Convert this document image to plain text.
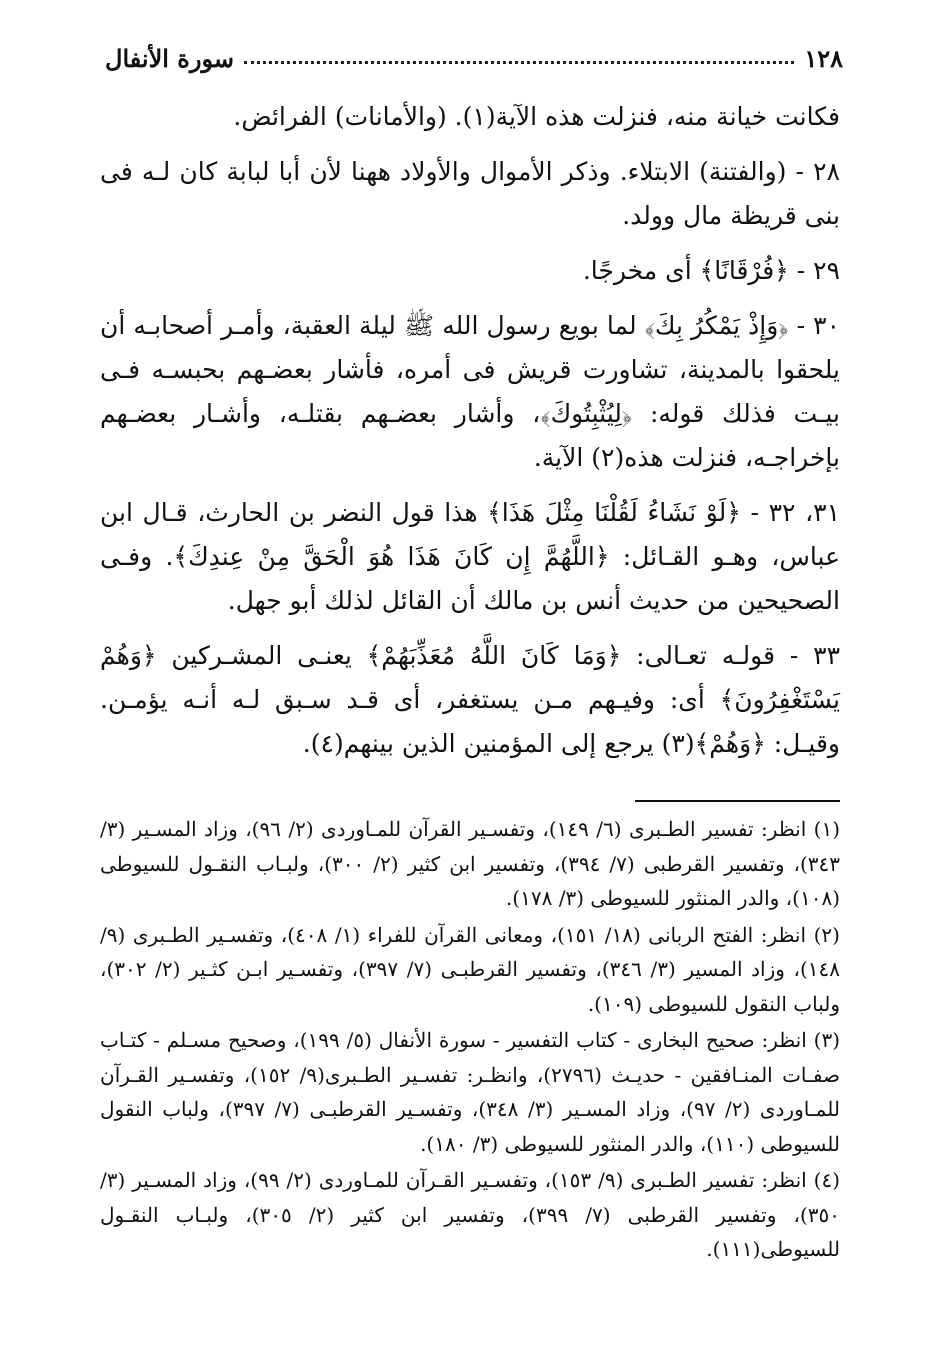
١٢٨
سورة الأنفال

فكانت خيانة منه، فنزلت هذه الآية(١). (والأمانات) الفرائض.

٢٨ - (والفتنة) الابتلاء. وذكر الأموال والأولاد ههنا لأن أبا لبابة كان لـه فى بنى قريظة مال وولد.

٢٩ - ﴿فُرْقَانًا﴾ أى مخرجًا.

٣٠ - ﴿وَإِذْ يَمْكُرُ بِكَ﴾ لما بويع رسول الله ﷺ ليلة العقبة، وأمـر أصحابـه أن يلحقوا بالمدينة، تشاورت قريش فى أمره، فأشار بعضـهم بحبسـه فـى بيـت فذلك قوله: ﴿لِيُثْبِتُوكَ﴾، وأشار بعضـهم بقتلـه، وأشـار بعضـهم بإخراجـه، فنزلت هذه(٢) الآية.

٣١، ٣٢ - ﴿لَوْ نَشَاءُ لَقُلْنَا مِثْلَ هَذَا﴾ هذا قول النضر بن الحارث، قـال ابن عباس، وهـو القـائل: ﴿اللَّهُمَّ إِن كَانَ هَذَا هُوَ الْحَقَّ مِنْ عِندِكَ﴾. وفـى الصحيحين من حديث أنس بن مالك أن القائل لذلك أبو جهل.

٣٣ - قولـه تعـالى: ﴿وَمَا كَانَ اللَّهُ مُعَذِّبَهُمْ﴾ يعنـى المشـركين ﴿وَهُمْ يَسْتَغْفِرُونَ﴾ أى: وفيـهم مـن يستغفر، أى قـد سـبق لـه أنـه يؤمـن. وقيـل: ﴿وَهُمْ﴾(٣) يرجع إلى المؤمنين الذين بينهم(٤).

(١) انظر: تفسير الطـبرى (٦/ ١٤٩)، وتفسـير القرآن للمـاوردى (٢/ ٩٦)، وزاد المسـير (٣/ ٣٤٣)، وتفسير القرطبى (٧/ ٣٩٤)، وتفسير ابن كثير (٢/ ٣٠٠)، ولبـاب النقـول للسيوطى (١٠٨)، والدر المنثور للسيوطى (٣/ ١٧٨).

(٢) انظر: الفتح الربانى (١٨/ ١٥١)، ومعانى القرآن للفراء (١/ ٤٠٨)، وتفسـير الطـبرى (٩/ ١٤٨)، وزاد المسير (٣/ ٣٤٦)، وتفسير القرطبـى (٧/ ٣٩٧)، وتفسـير ابـن كثـير (٢/ ٣٠٢)، ولباب النقول للسيوطى (١٠٩).

(٣) انظر: صحيح البخارى - كتاب التفسير - سورة الأنفال (٥/ ١٩٩)، وصحيح مسـلم - كتـاب صفـات المنـافقين - حديـث (٢٧٩٦)، وانظـر: تفسـير الطـبرى(٩/ ١٥٢)، وتفسـير القـرآن للمـاوردى (٢/ ٩٧)، وزاد المسـير (٣/ ٣٤٨)، وتفسـير القرطبـى (٧/ ٣٩٧)، ولباب النقول للسيوطى (١١٠)، والدر المنثور للسيوطى (٣/ ١٨٠).

(٤) انظر: تفسير الطـبرى (٩/ ١٥٣)، وتفسـير القـرآن للمـاوردى (٢/ ٩٩)، وزاد المسـير (٣/ ٣٥٠)، وتفسير القرطبى (٧/ ٣٩٩)، وتفسير ابن كثير (٢/ ٣٠٥)، ولبـاب النقـول للسيوطى(١١١).
